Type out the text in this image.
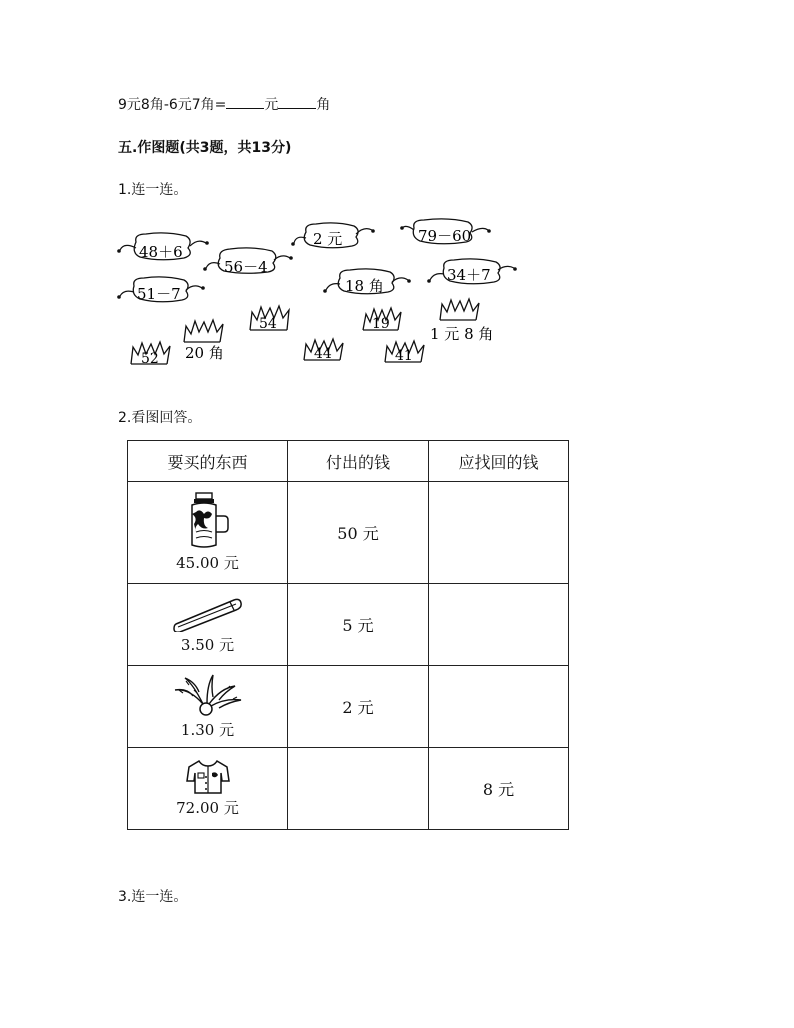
9元8角-6元7角=	元	角
五.作图题(共3题，共13分)
1.连一连。
48＋6
56－4
2 元	79－60
51－7	18 角
34＋7
54	19
52	44	41
20 角
1 元 8 角
2.看图回答。
要买的东西	付出的钱	应找回的钱

45.00 元	50 元	

3.50 元	5 元	

1.30 元	2 元	

72.00 元		8 元
3.连一连。
